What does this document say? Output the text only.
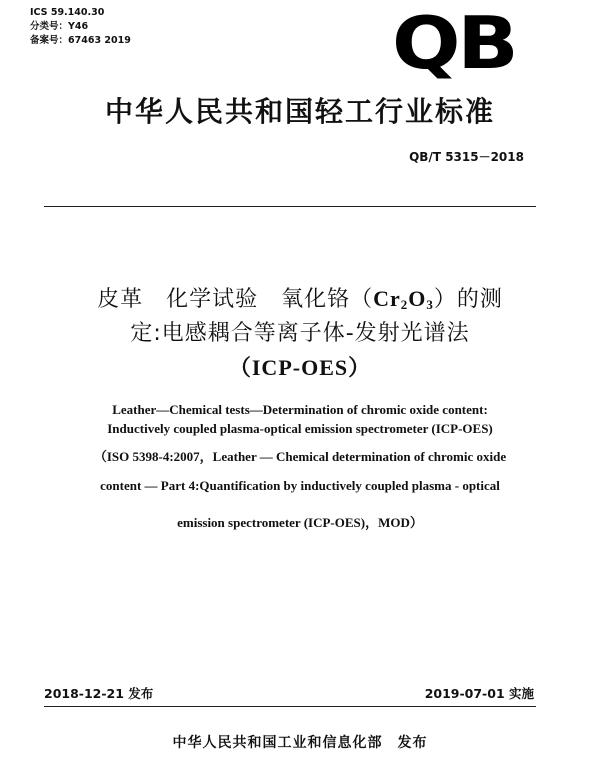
ICS 59.140.30
分类号：Y46
备案号：67463 2019	QB
中华人民共和国轻工行业标准
QB/T 5315－2018
皮革　化学试验　氧化铬$(Cr_2O_3)$的测
定:电感耦合等离子体-发射光谱法
（ICP-OES）
Leather—Chemical tests—Determination of chromic oxide content:
Inductively coupled plasma-optical emission spectrometer (ICP-OES)
（ISO 5398-4:2007，Leather — Chemical determination of chromic oxide
content — Part 4:Quantification by inductively coupled plasma - optical
emission spectrometer (ICP-OES)，MOD）
2018-12-21 发布	2019-07-01 实施
中华人民共和国工业和信息化部　发布
